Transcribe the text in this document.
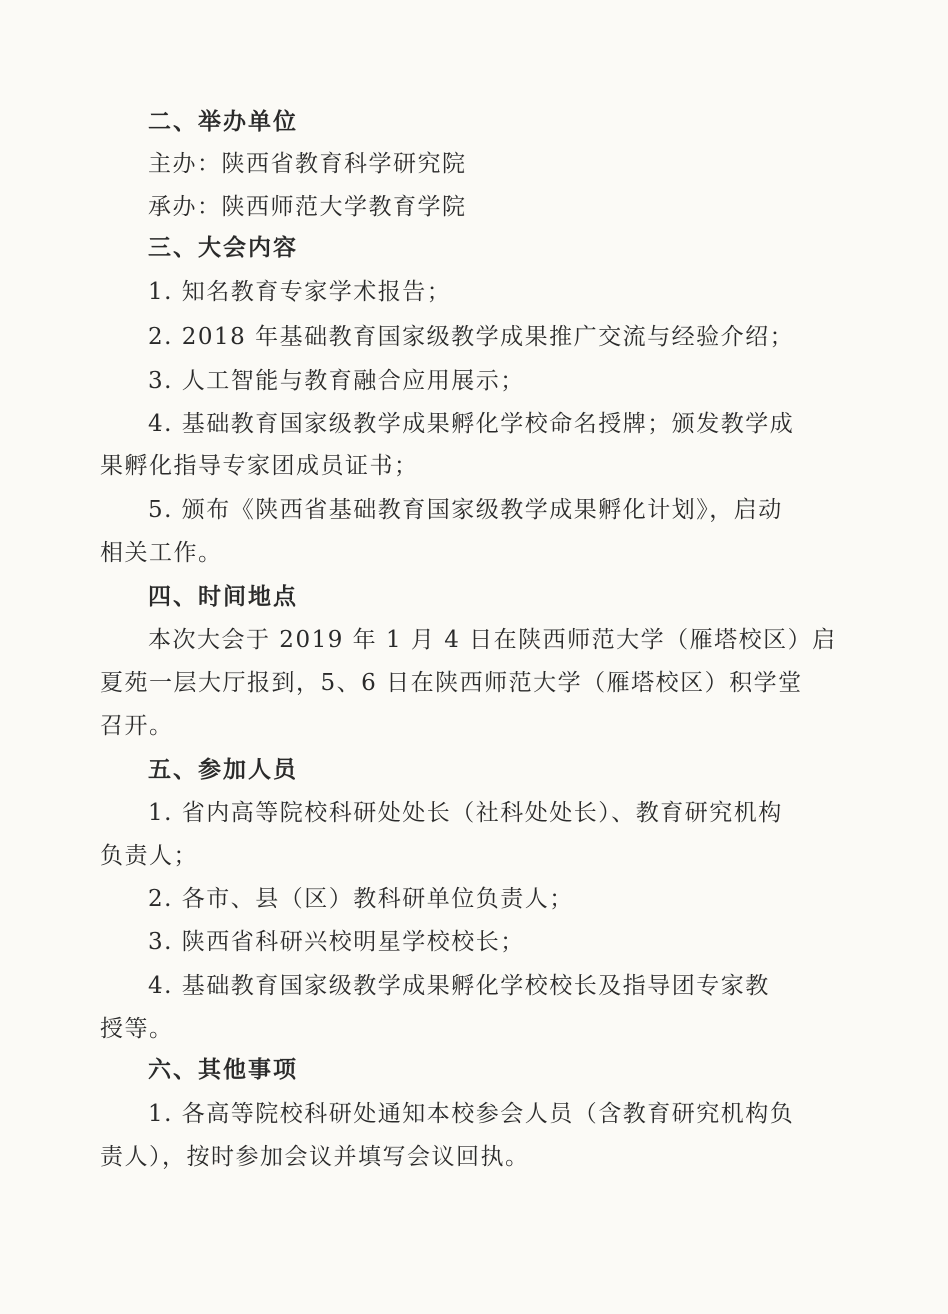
二、举办单位
主办：陕西省教育科学研究院
承办：陕西师范大学教育学院
三、大会内容
1. 知名教育专家学术报告；
2. 2018 年基础教育国家级教学成果推广交流与经验介绍；
3. 人工智能与教育融合应用展示；
4. 基础教育国家级教学成果孵化学校命名授牌；颁发教学成
果孵化指导专家团成员证书；
5. 颁布《陕西省基础教育国家级教学成果孵化计划》，启动
相关工作。
四、时间地点
本次大会于 2019 年 1 月 4 日在陕西师范大学（雁塔校区）启
夏苑一层大厅报到，5、6 日在陕西师范大学（雁塔校区）积学堂
召开。
五、参加人员
1. 省内高等院校科研处处长（社科处处长）、教育研究机构
负责人；
2. 各市、县（区）教科研单位负责人；
3. 陕西省科研兴校明星学校校长；
4. 基础教育国家级教学成果孵化学校校长及指导团专家教
授等。
六、其他事项
1. 各高等院校科研处通知本校参会人员（含教育研究机构负
责人），按时参加会议并填写会议回执。
